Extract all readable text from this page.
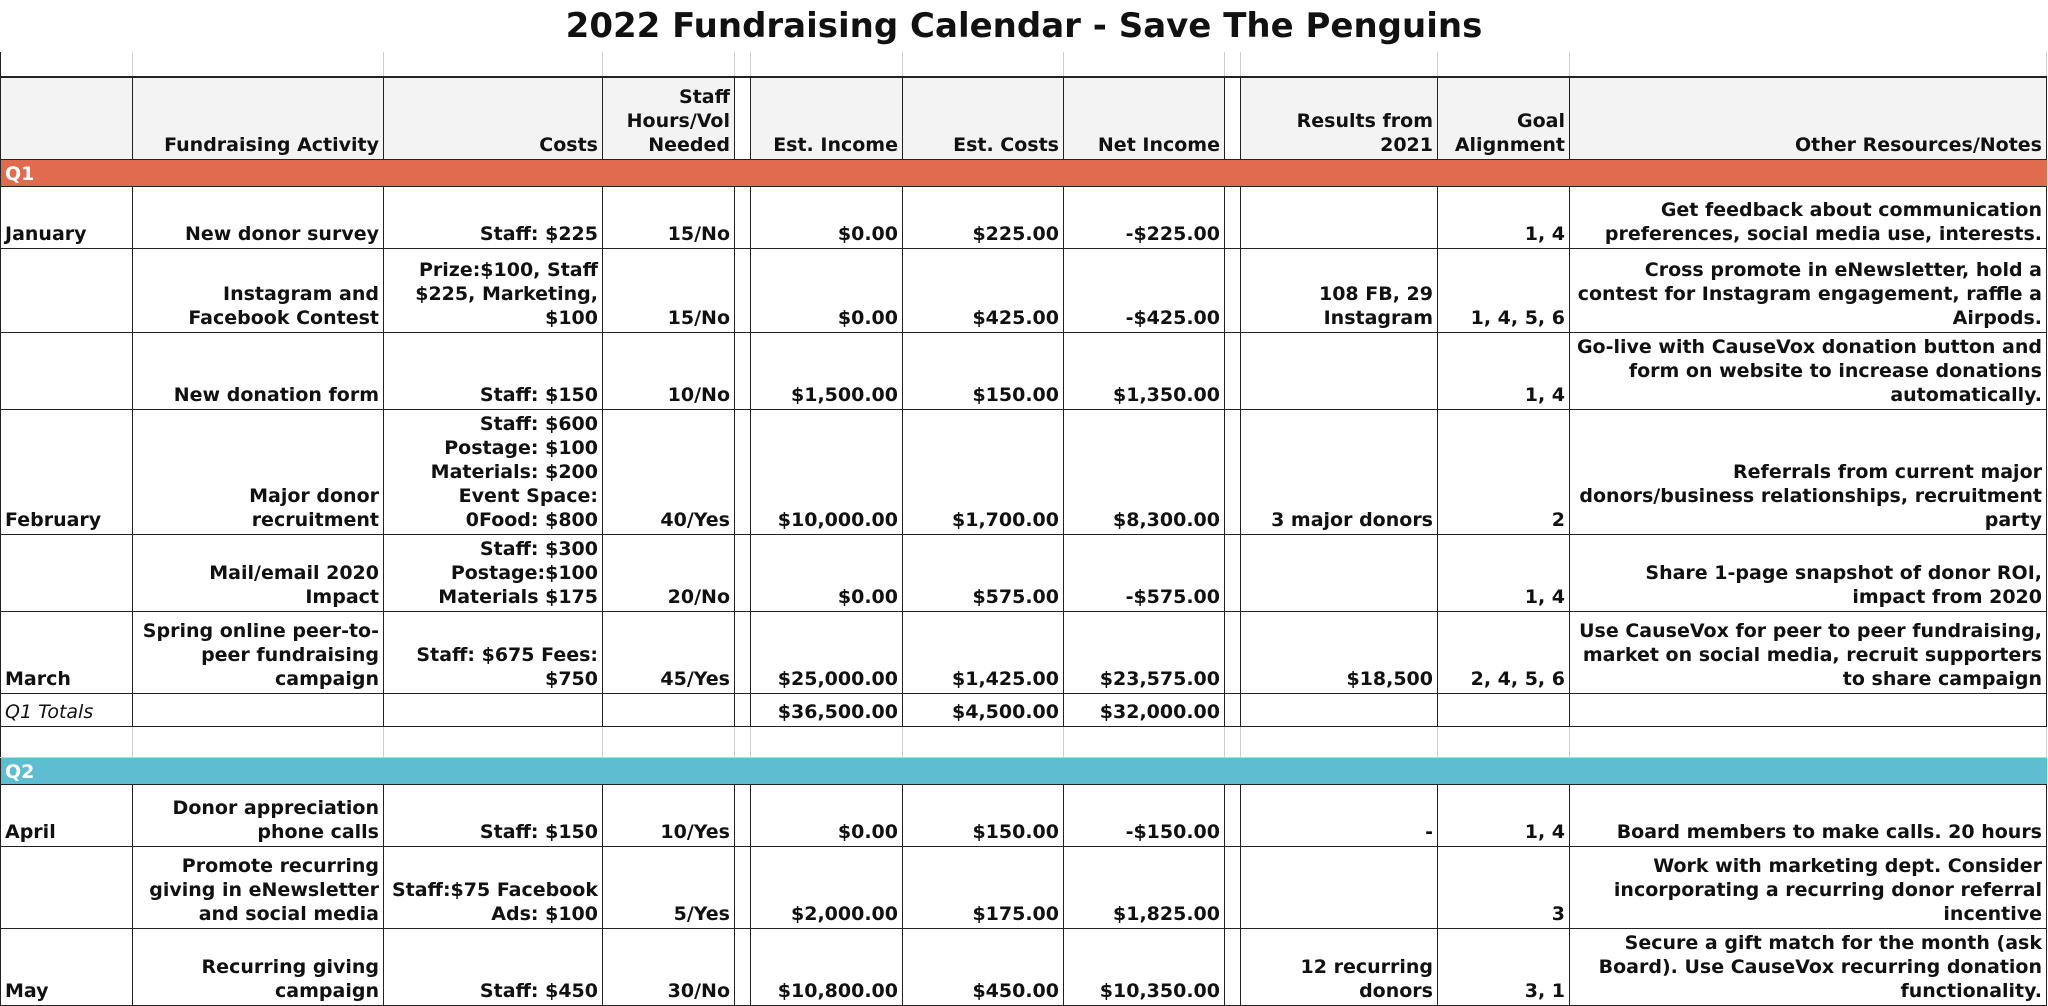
2022 Fundraising Calendar - Save The Penguins

	Fundraising Activity	Costs	Staff Hours/Vol Needed		Est. Income	Est. Costs	Net Income		Results from 2021	Goal Alignment	Other Resources/Notes
Q1											
January	New donor survey	Staff: $225	15/No		$0.00	$225.00	-$225.00			1, 4	Get feedback about communication preferences, social media use, interests.
	Instagram and Facebook Contest	Prize:$100, Staff $225, Marketing, $100	15/No		$0.00	$425.00	-$425.00		108 FB, 29 Instagram	1, 4, 5, 6	Cross promote in eNewsletter, hold a contest for Instagram engagement, raffle a Airpods.
	New donation form	Staff: $150	10/No		$1,500.00	$150.00	$1,350.00			1, 4	Go-live with CauseVox donation button and form on website to increase donations automatically.
February	Major donor recruitment	Staff: $600 Postage: $100 Materials: $200 Event Space: 0Food: $800	40/Yes		$10,000.00	$1,700.00	$8,300.00		3 major donors	2	Referrals from current major donors/business relationships, recruitment party
	Mail/email 2020 Impact	Staff: $300 Postage:$100 Materials $175	20/No		$0.00	$575.00	-$575.00			1, 4	Share 1-page snapshot of donor ROI, impact from 2020
March	Spring online peer-to-peer fundraising campaign	Staff: $675 Fees: $750	45/Yes		$25,000.00	$1,425.00	$23,575.00		$18,500	2, 4, 5, 6	Use CauseVox for peer to peer fundraising, market on social media, recruit supporters to share campaign
Q1 Totals					$36,500.00	$4,500.00	$32,000.00				

Q2											
April	Donor appreciation phone calls	Staff: $150	10/Yes		$0.00	$150.00	-$150.00		-	1, 4	Board members to make calls. 20 hours
	Promote recurring giving in eNewsletter and social media	Staff:$75 Facebook Ads: $100	5/Yes		$2,000.00	$175.00	$1,825.00			3	Work with marketing dept. Consider incorporating a recurring donor referral incentive
May	Recurring giving campaign	Staff: $450	30/No		$10,800.00	$450.00	$10,350.00		12 recurring donors	3, 1	Secure a gift match for the month (ask Board). Use CauseVox recurring donation functionality.
